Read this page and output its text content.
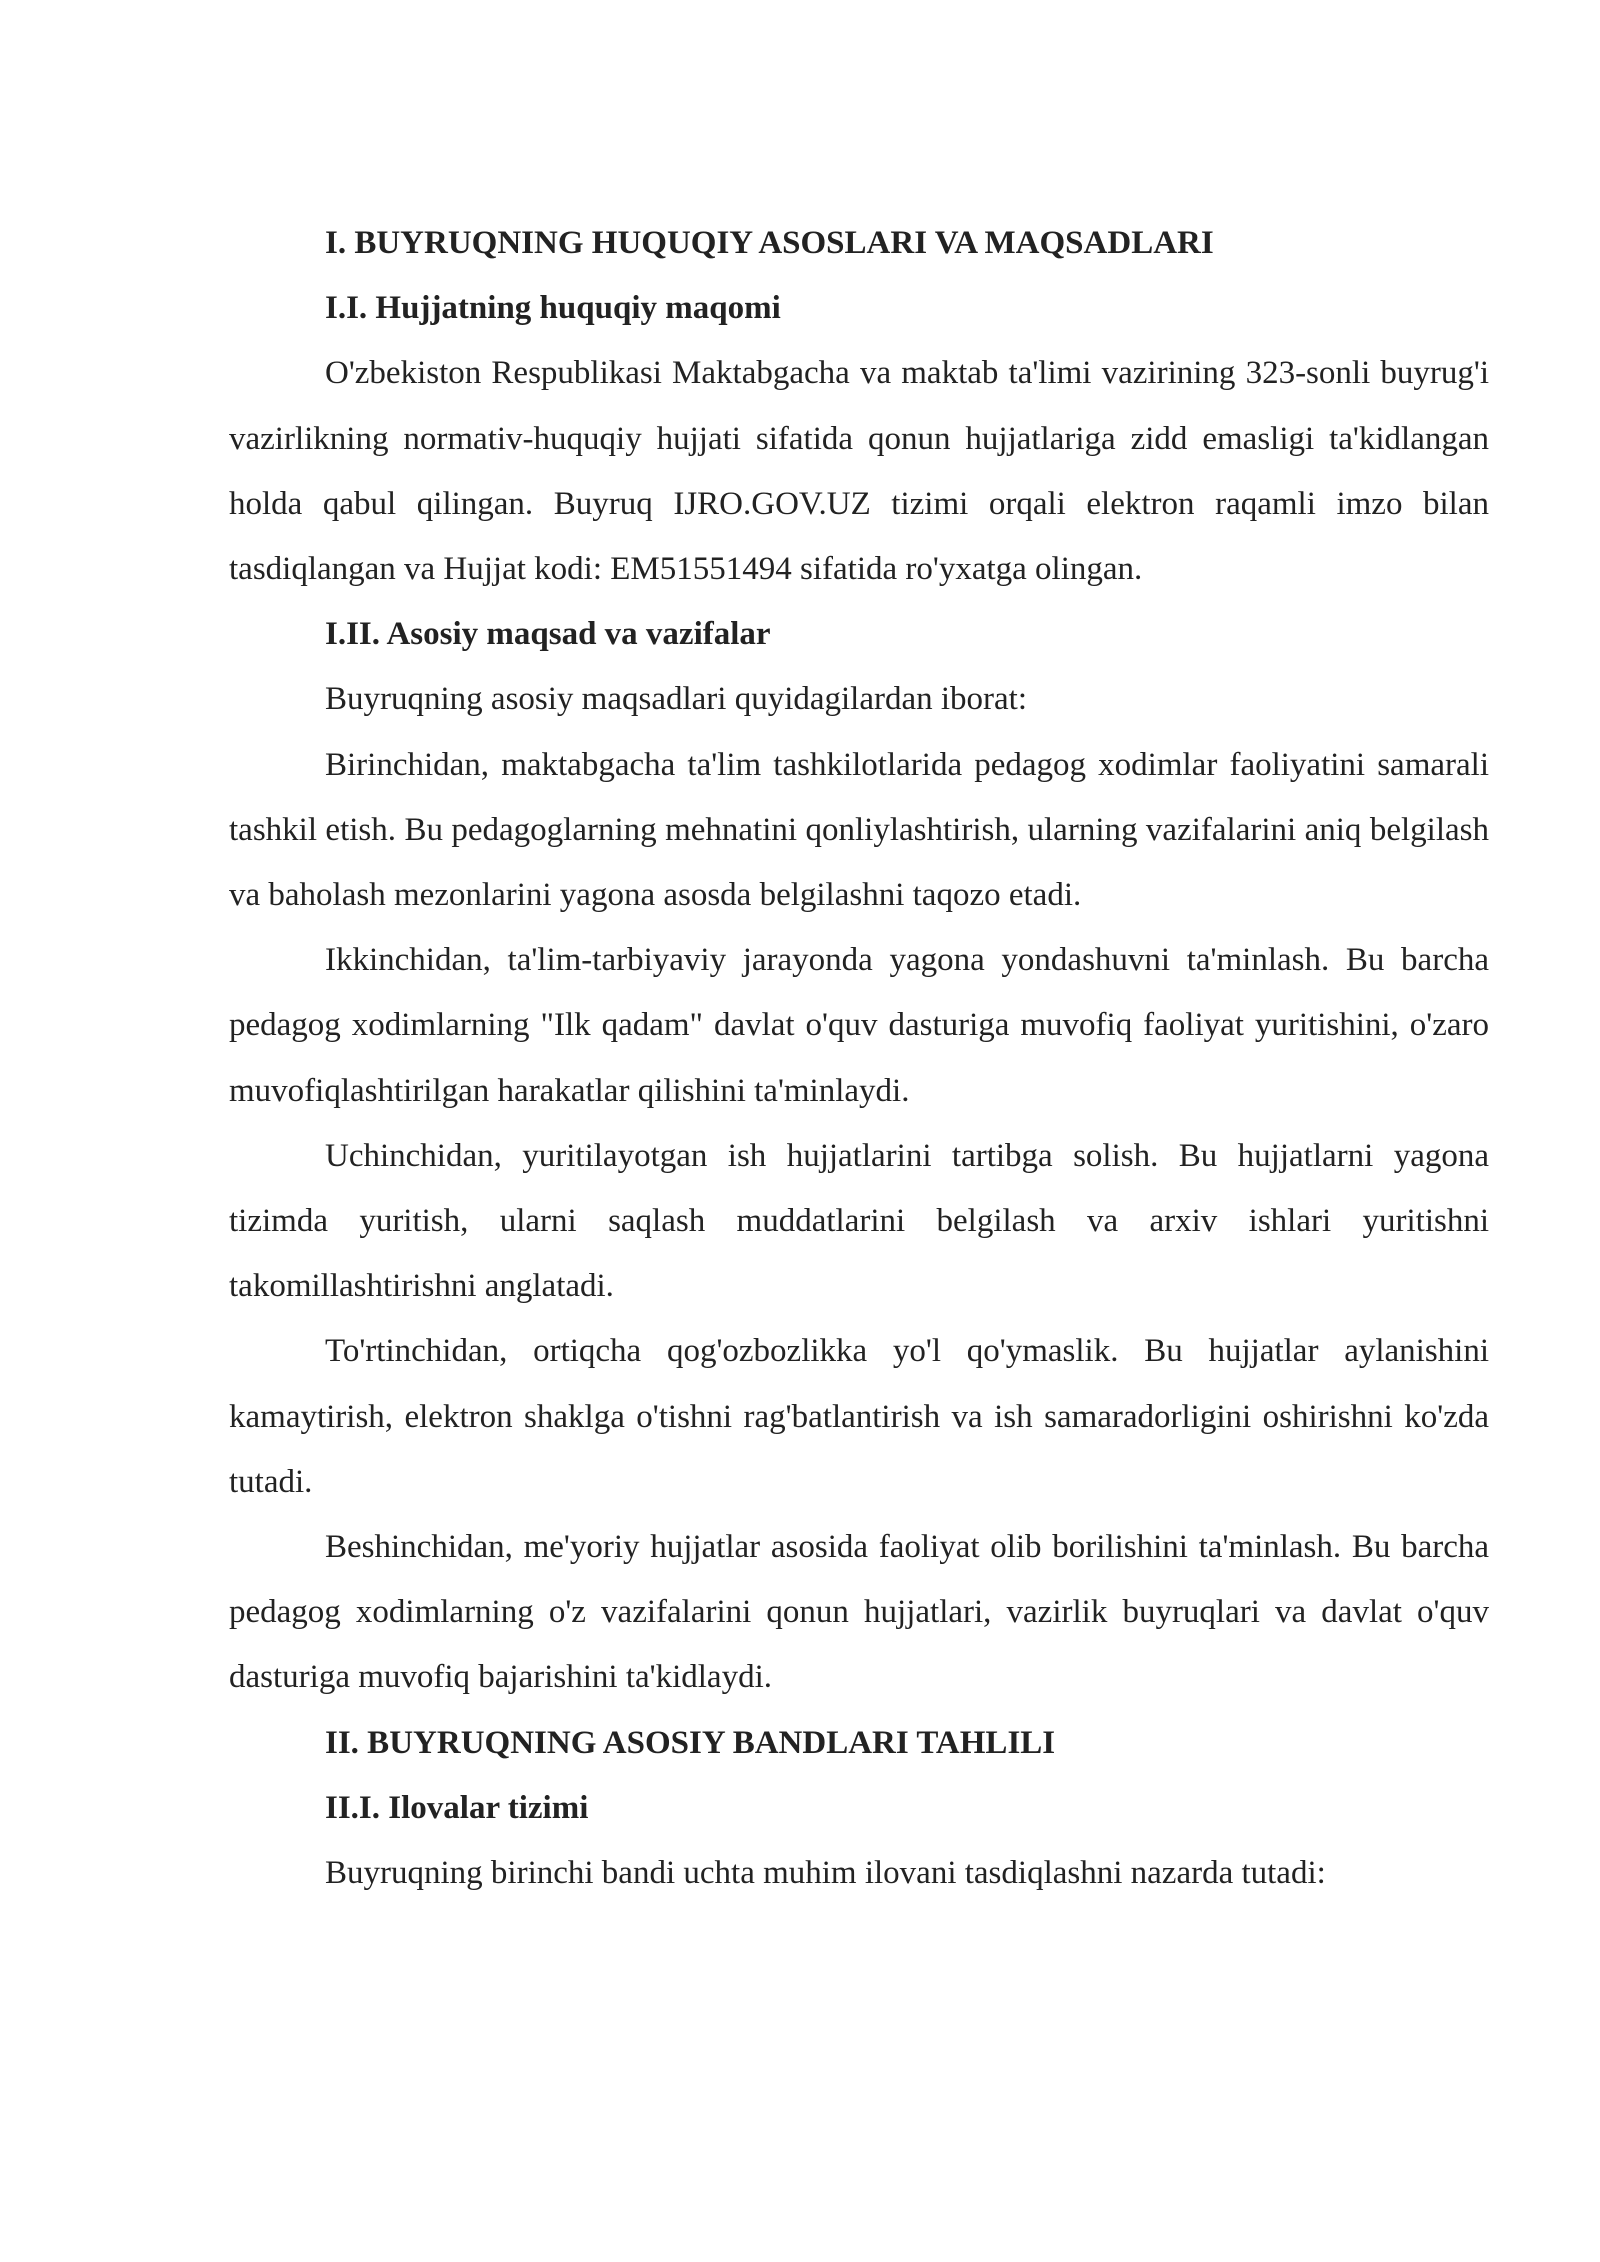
I. BUYRUQNING HUQUQIY ASOSLARI VA MAQSADLARI

I.I. Hujjatning huquqiy maqomi

O'zbekiston Respublikasi Maktabgacha va maktab ta'limi vazirining 323-sonli buyrug'i vazirlikning normativ-huquqiy hujjati sifatida qonun hujjatlariga zidd emasligi ta'kidlangan holda qabul qilingan. Buyruq IJRO.GOV.UZ tizimi orqali elektron raqamli imzo bilan tasdiqlangan va Hujjat kodi: EM51551494 sifatida ro'yxatga olingan.

I.II. Asosiy maqsad va vazifalar

Buyruqning asosiy maqsadlari quyidagilardan iborat:

Birinchidan, maktabgacha ta'lim tashkilotlarida pedagog xodimlar faoliyatini samarali tashkil etish. Bu pedagoglarning mehnatini qonliylashtirish, ularning vazifalarini aniq belgilash va baholash mezonlarini yagona asosda belgilashni taqozo etadi.

Ikkinchidan, ta'lim-tarbiyaviy jarayonda yagona yondashuvni ta'minlash. Bu barcha pedagog xodimlarning "Ilk qadam" davlat o'quv dasturiga muvofiq faoliyat yuritishini, o'zaro muvofiqlashtirilgan harakatlar qilishini ta'minlaydi.

Uchinchidan, yuritilayotgan ish hujjatlarini tartibga solish. Bu hujjatlarni yagona tizimda yuritish, ularni saqlash muddatlarini belgilash va arxiv ishlari yuritishni takomillashtirishni anglatadi.

To'rtinchidan, ortiqcha qog'ozbozlikka yo'l qo'ymaslik. Bu hujjatlar aylanishini kamaytirish, elektron shaklga o'tishni rag'batlantirish va ish samaradorligini oshirishni ko'zda tutadi.

Beshinchidan, me'yoriy hujjatlar asosida faoliyat olib borilishini ta'minlash. Bu barcha pedagog xodimlarning o'z vazifalarini qonun hujjatlari, vazirlik buyruqlari va davlat o'quv dasturiga muvofiq bajarishini ta'kidlaydi.

II. BUYRUQNING ASOSIY BANDLARI TAHLILI

II.I. Ilovalar tizimi

Buyruqning birinchi bandi uchta muhim ilovani tasdiqlashni nazarda tutadi:
